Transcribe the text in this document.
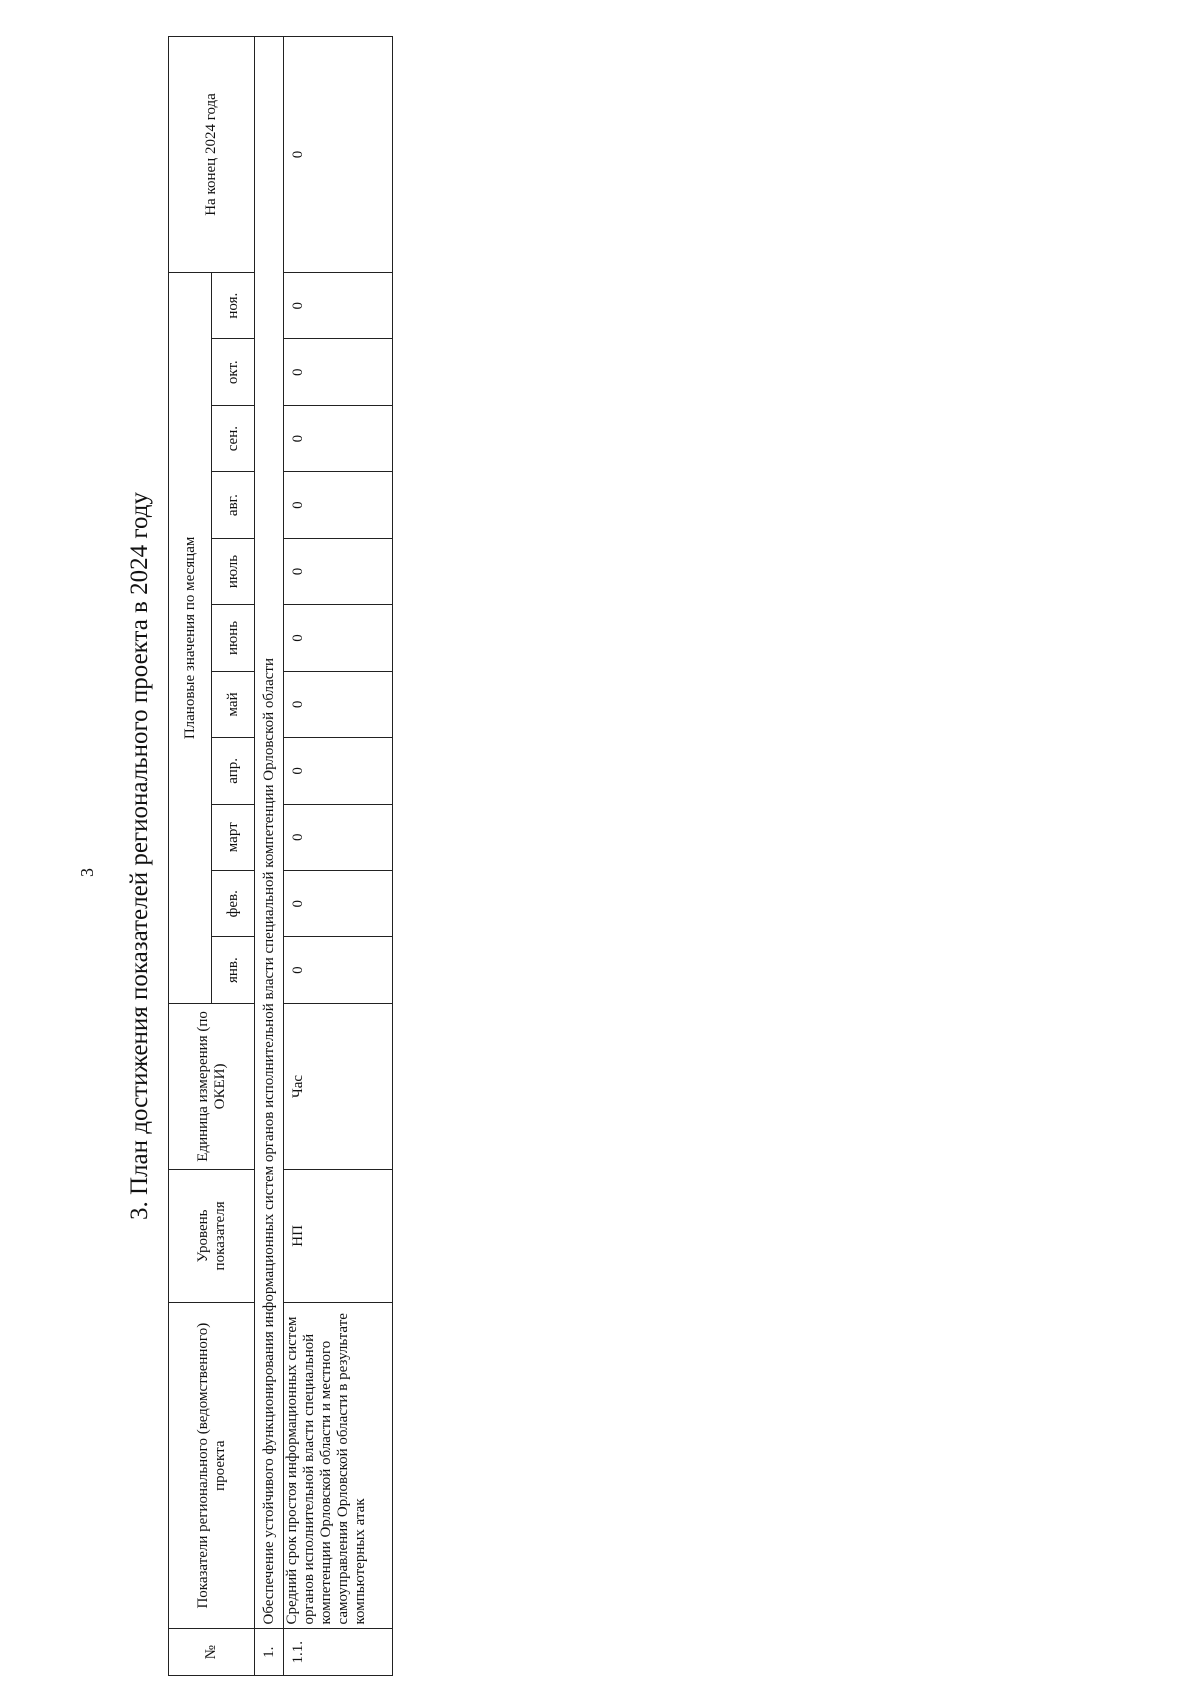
3 3. План достижения показателей регионального проекта в 2024 году
№	Показатели регионального (ведомственного) проекта	Уровень показателя	Единица измерения (по ОКЕИ)	Плановые значения по месяцам											На конец 2024 года
				янв.	фев.	март	апр.	май	июнь	июль	авг.	сен.	окт.	ноя.	
1.	Обеспечение устойчивого функционирования информационных систем органов исполнительной власти специальной компетенции Орловской области														
1.1.	Средний срок простоя информационных систем органов исполнительной власти специальной компетенции Орловской области и местного самоуправления Орловской области в результате компьютерных атак	НП	Час	0	0	0	0	0	0	0	0	0	0	0	0
